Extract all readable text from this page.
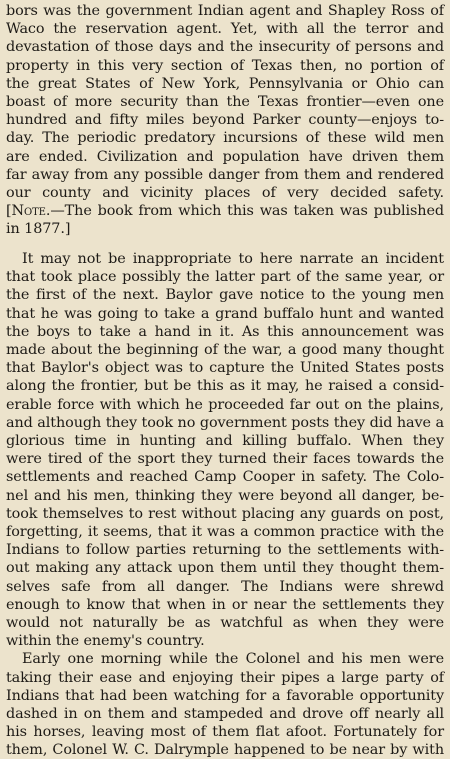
bors was the government Indian agent and Shapley Ross of
Waco the reservation agent. Yet, with all the terror and
devastation of those days and the insecurity of persons and
property in this very section of Texas then, no portion of
the great States of New York, Pennsylvania or Ohio can
boast of more security than the Texas frontier—even one
hundred and fifty miles beyond Parker county—enjoys to-
day. The periodic predatory incursions of these wild men
are ended. Civilization and population have driven them
far away from any possible danger from them and rendered
our county and vicinity places of very decided safety.
[Note.—The book from which this was taken was published
in 1877.]
It may not be inappropriate to here narrate an incident
that took place possibly the latter part of the same year, or
the first of the next. Baylor gave notice to the young men
that he was going to take a grand buffalo hunt and wanted
the boys to take a hand in it. As this announcement was
made about the beginning of the war, a good many thought
that Baylor's object was to capture the United States posts
along the frontier, but be this as it may, he raised a consid-
erable force with which he proceeded far out on the plains,
and although they took no government posts they did have a
glorious time in hunting and killing buffalo. When they
were tired of the sport they turned their faces towards the
settlements and reached Camp Cooper in safety. The Colo-
nel and his men, thinking they were beyond all danger, be-
took themselves to rest without placing any guards on post,
forgetting, it seems, that it was a common practice with the
Indians to follow parties returning to the settlements with-
out making any attack upon them until they thought them-
selves safe from all danger. The Indians were shrewd
enough to know that when in or near the settlements they
would not naturally be as watchful as when they were
within the enemy's country.
Early one morning while the Colonel and his men were
taking their ease and enjoying their pipes a large party of
Indians that had been watching for a favorable opportunity
dashed in on them and stampeded and drove off nearly all
his horses, leaving most of them flat afoot. Fortunately for
them, Colonel W. C. Dalrymple happened to be near by with
